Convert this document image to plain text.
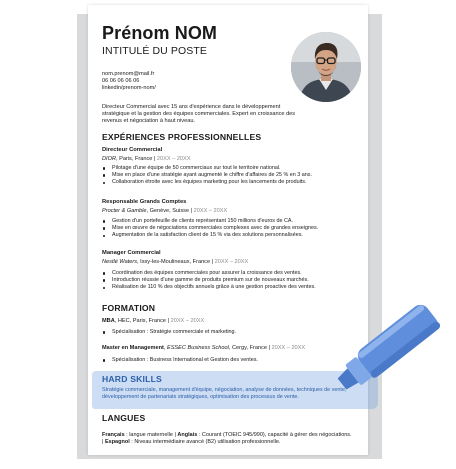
Prénom NOM
INTITULÉ DU POSTE
nom.prenom@mail.fr
06 06 06 06 06
linkedin/prenom-nom/
Directeur Commercial avec 15 ans d'expérience dans le développement stratégique et la gestion des équipes commerciales. Expert en croissance des revenus et négociation à haut niveau.
EXPÉRIENCES PROFESSIONNELLES
Directeur Commercial
DIOR, Paris, France | 20XX – 20XX
Pilotage d'une équipe de 50 commerciaux sur tout le territoire national.
Mise en place d'une stratégie ayant augmenté le chiffre d'affaires de 25 % en 3 ans.
Collaboration étroite avec les équipes marketing pour les lancements de produits.
Responsable Grands Comptes
Procter & Gamble, Genève, Suisse | 20XX – 20XX
Gestion d'un portefeuille de clients représentant 150 millions d'euros de CA.
Mise en œuvre de négociations commerciales complexes avec de grandes enseignes.
Augmentation de la satisfaction client de 15 % via des solutions personnalisées.
Manager Commercial
Nestlé Waters, Issy-les-Moulineaux, France | 20XX – 20XX
Coordination des équipes commerciales pour assurer la croissance des ventes.
Introduction réussie d'une gamme de produits premium sur de nouveaux marchés.
Réalisation de 110 % des objectifs annuels grâce à une gestion proactive des ventes.
FORMATION
MBA, HEC, Paris, France | 20XX – 20XX
Spécialisation : Stratégie commerciale et marketing.
Master en Management, ESSEC Business School, Cergy, France | 20XX – 20XX
Spécialisation : Business International et Gestion des ventes.
HARD SKILLS
Stratégie commerciale, management d'équipe, négociation, analyse de données, techniques de vente, développement de partenariats stratégiques, optimisation des processus de vente.
LANGUES
Français : langue maternelle | Anglais : Courant (TOEIC 945/990), capacité à gérer des négociations. | Espagnol : Niveau intermédiaire avancé (B2) utilisation professionnelle.
